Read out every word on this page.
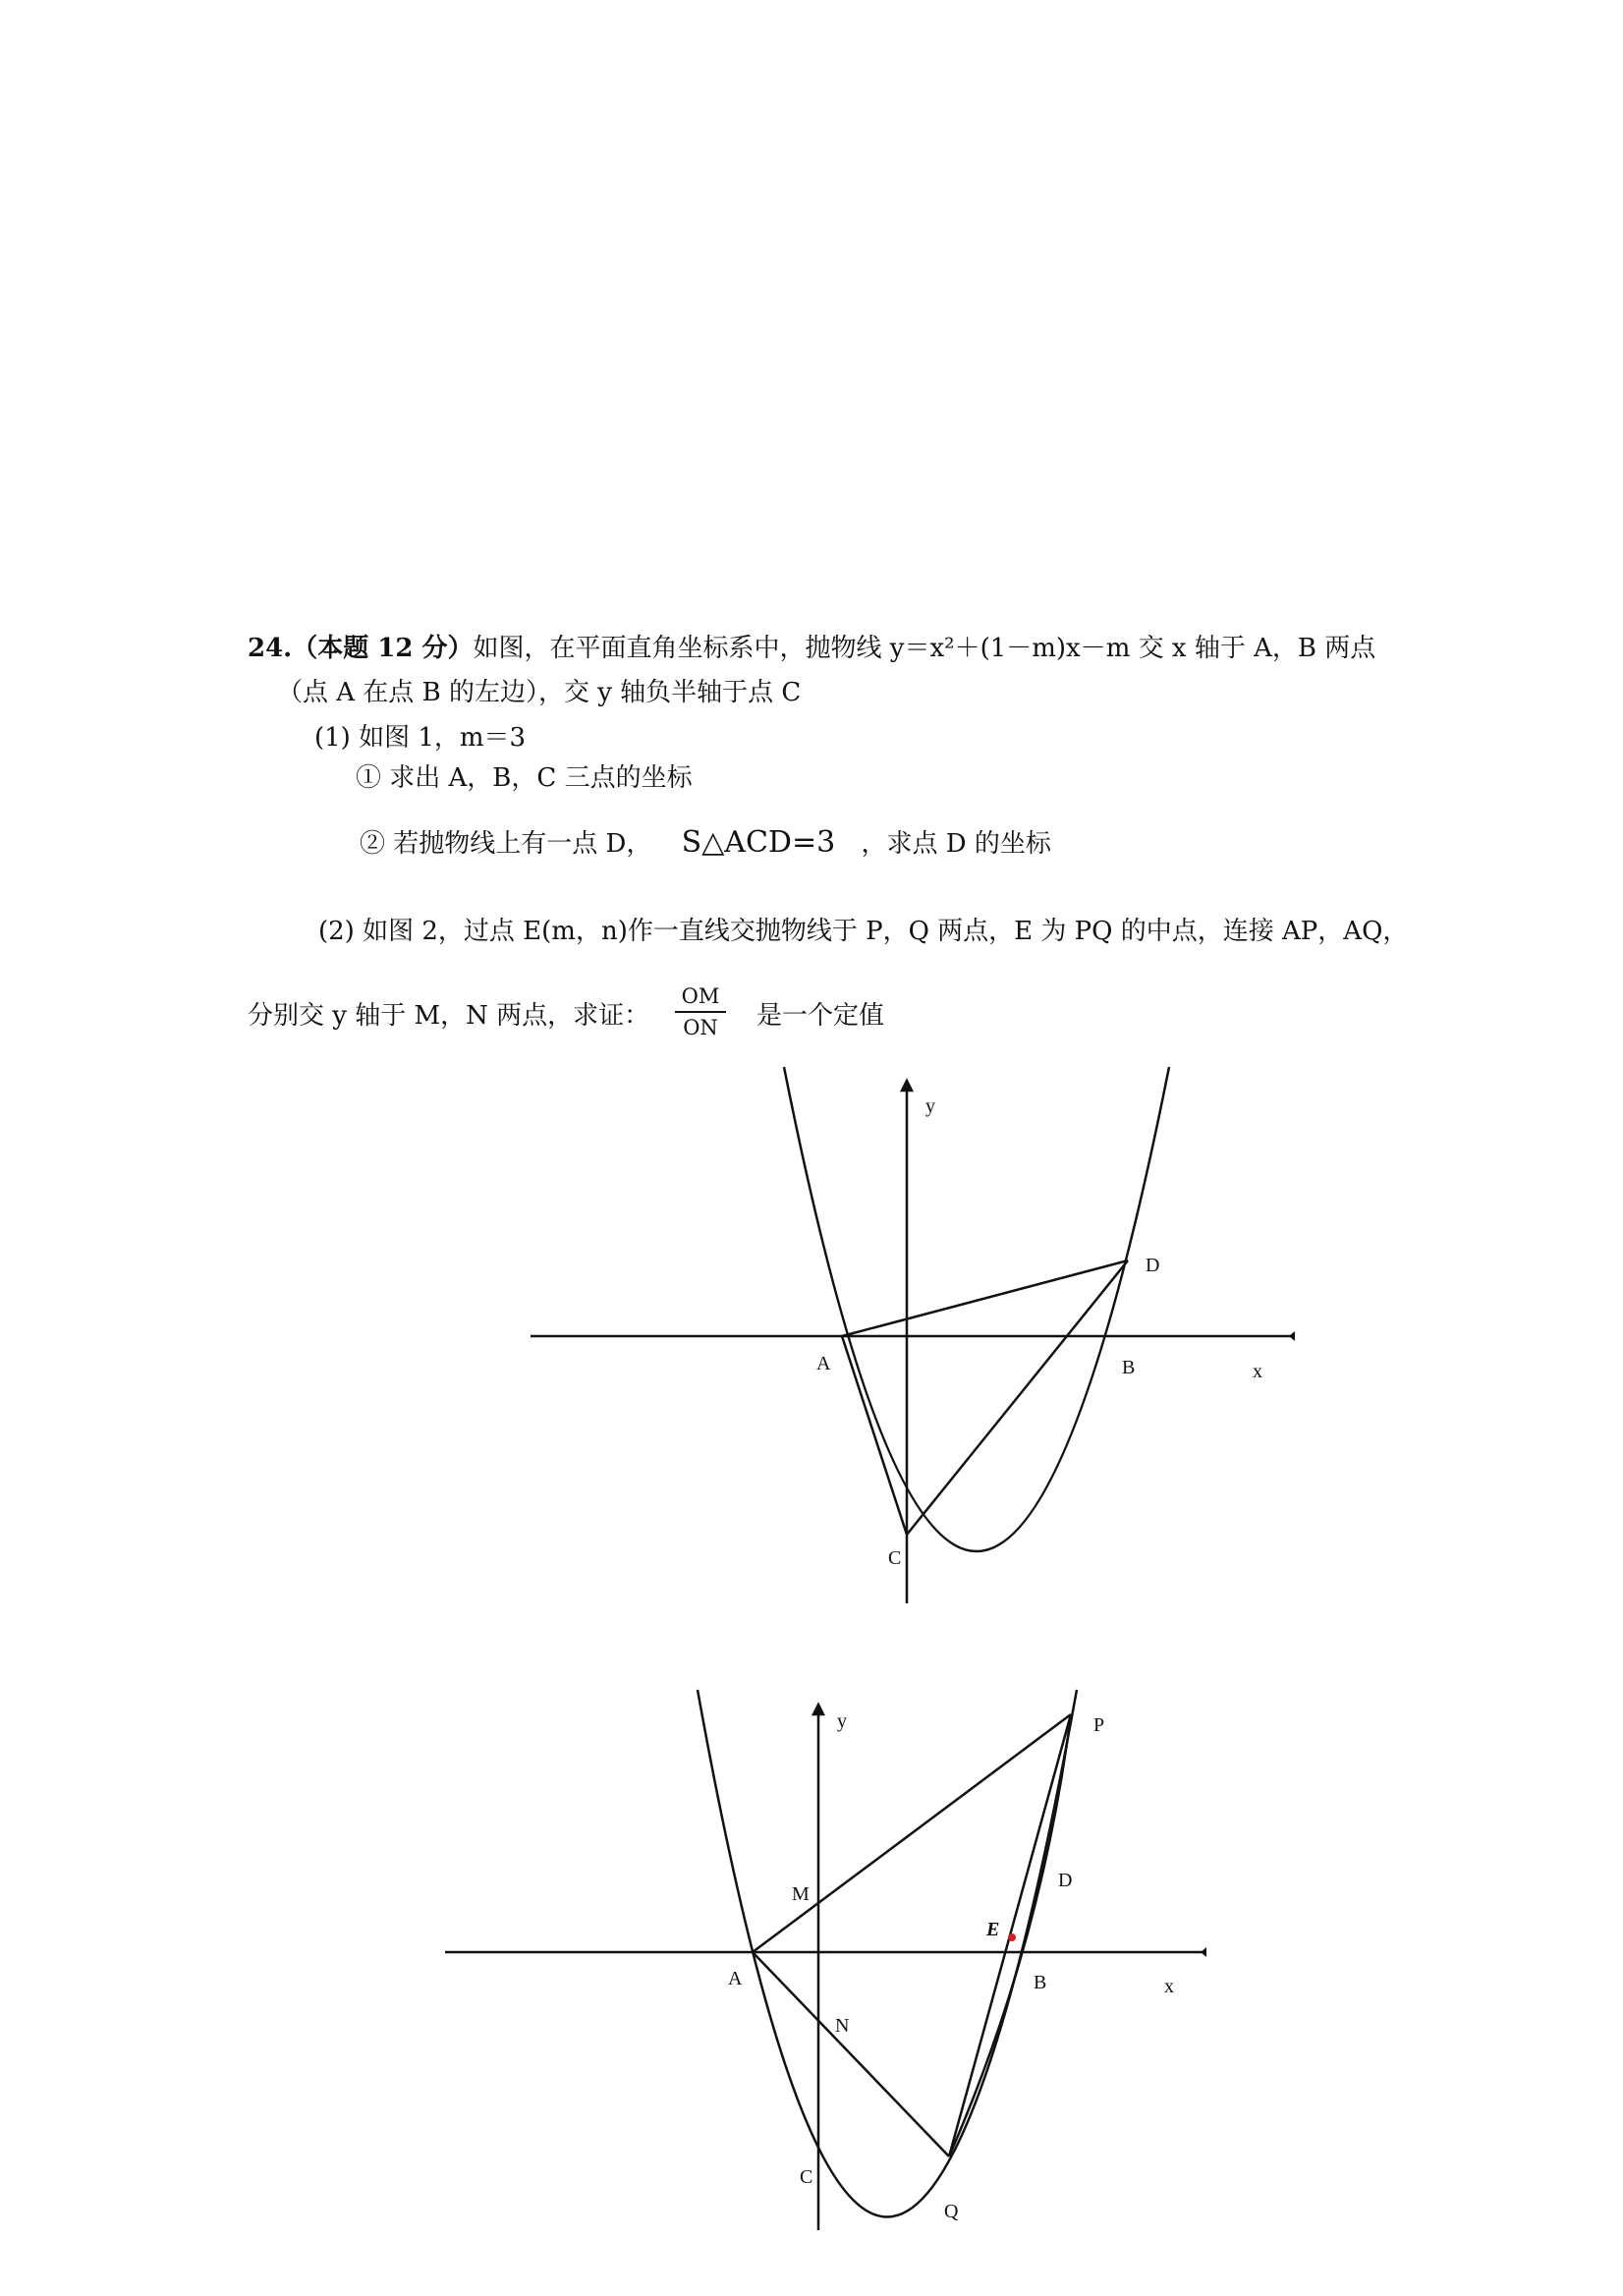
24.（本题 12 分）如图，在平面直角坐标系中，抛物线 y＝x²＋(1－m)x－m 交 x 轴于 A，B 两点
（点 A 在点 B 的左边），交 y 轴负半轴于点 C
(1) 如图 1，m＝3
① 求出 A，B，C 三点的坐标
② 若抛物线上有一点 D， S△ACD=3 ，求点 D 的坐标
(2) 如图 2，过点 E(m，n)作一直线交抛物线于 P，Q 两点，E 为 PQ 的中点，连接 AP，AQ，
分别交 y 轴于 M，N 两点，求证：
OM
ON	是一个定值
y
x
A	B
C
D
y
x
A	B
C
D
E
M
N
P
Q
